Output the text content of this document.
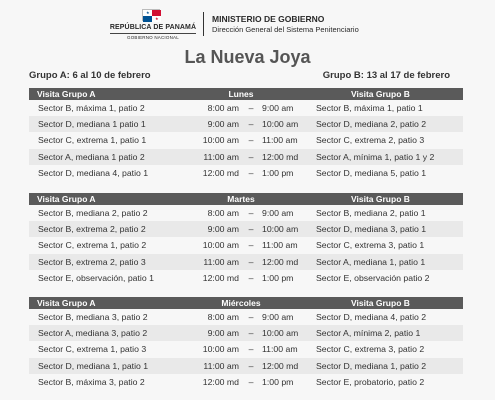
★
★
REPÚBLICA DE PANAMÁ
GOBIERNO NACIONAL
MINISTERIO DE GOBIERNO
Dirección General del Sistema Penitenciario
La Nueva Joya
Grupo A: 6 al 10 de febrero	Grupo B: 13 al 17 de febrero
Visita Grupo A	Lunes	Visita Grupo B
Sector B, máxima 1, patio 2	8:00 am – 9:00 am	Sector B, máxima 1, patio 1
Sector D, mediana 1 patio 1	9:00 am – 10:00 am Sector D, mediana 2, patio 2
Sector C, extrema 1, patio 1	10:00 am – 11:00 am Sector C, extrema 2, patio 3
Sector A, mediana 1 patio 2	11:00 am – 12:00 md Sector A, mínima 1, patio 1 y 2
Sector D, mediana 4, patio 1	12:00 md – 1:00 pm	Sector D, mediana 5, patio 1
Visita Grupo A	Martes	Visita Grupo B
Sector B, mediana 2, patio 2	8:00 am – 9:00 am	Sector B, mediana 2, patio 1
Sector B, extrema 2, patio 2	9:00 am – 10:00 am Sector D, mediana 3, patio 1
Sector C, extrema 1, patio 2	10:00 am – 11:00 am Sector C, extrema 3, patio 1
Sector B, extrema 2, patio 3	11:00 am – 12:00 md Sector A, mediana 1, patio 1
Sector E, observación, patio 1	12:00 md – 1:00 pm	Sector E, observación patio 2
Visita Grupo A	Miércoles	Visita Grupo B
Sector B, mediana 3, patio 2	8:00 am – 9:00 am	Sector D, mediana 4, patio 2
Sector A, mediana 3, patio 2	9:00 am – 10:00 am Sector A, mínima 2, patio 1
Sector C, extrema 1, patio 3	10:00 am – 11:00 am Sector C, extrema 3, patio 2
Sector D, mediana 1, patio 1	11:00 am – 12:00 md Sector D, mediana 1, patio 2
Sector B, máxima 3, patio 2	12:00 md – 1:00 pm	Sector E, probatorio, patio 2
